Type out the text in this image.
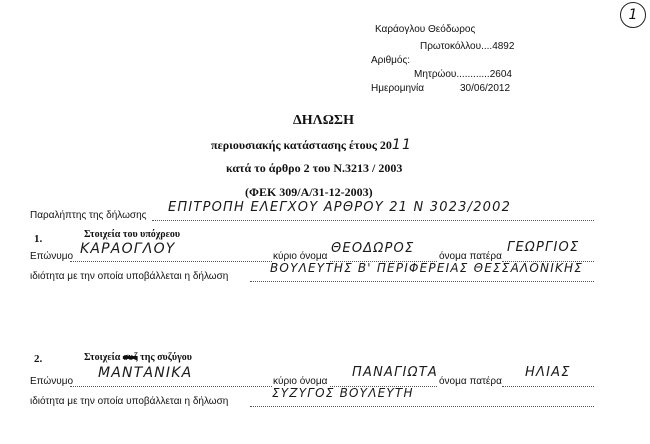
1
Καράογλου Θεόδωρος
Πρωτοκόλλου....4892
Αριθμός:
Μητρώου............2604
Ημερομηνία	30/06/2012
ΔΗΛΩΣΗ
περιουσιακής κατάστασης έτους 2011
κατά το άρθρο 2 του Ν.3213 / 2003
(ΦΕΚ 309/Α/31-12-2003)
Παραλήπτης της δήλωσης
ΕΠΙΤΡΟΠΗ ΕΛΕΓΧΟΥ ΑΡΘΡΟΥ 21 Ν 3023/2002
1.	Στοιχεία του υπόχρεου
Επώνυμο ΚΑΡΑΟΓΛΟΥ	κύριο όνομα
ΘΕΟΔΩΡΟΣ
όνομα πατέρα
ΓΕΩΡΓΙΟΣ
ιδιότητα με την οποία υποβάλλεται η δήλωση
ΒΟΥΛΕΥΤΗΣ Β' ΠΕΡΙΦΕΡΕΙΑΣ ΘΕΣΣΑΛΟΝΙΚΗΣ
2.	Στοιχεία συζ της συζύγου
Επώνυμο
ΜΑΝΤΑΝΙΚΑ
κύριο όνομα
ΠΑΝΑΓΙΩΤΑ
όνομα πατέρα
ΗΛΙΑΣ
ιδιότητα με την οποία υποβάλλεται η δήλωση
ΣΥΖΥΓΟΣ ΒΟΥΛΕΥΤΗ
